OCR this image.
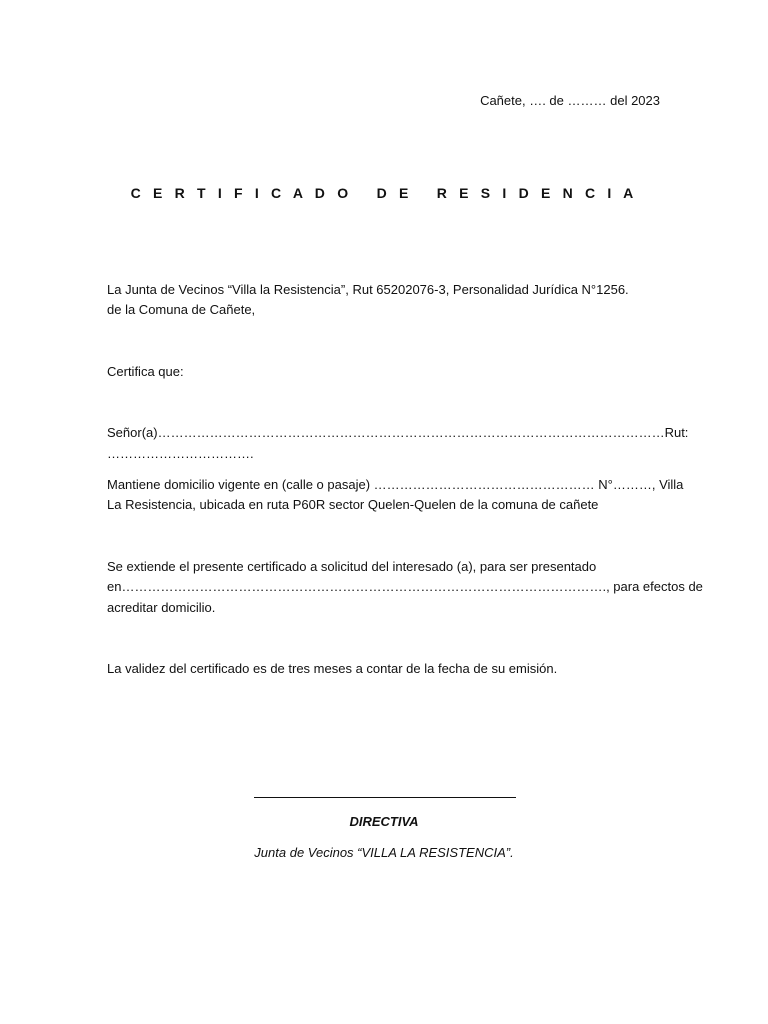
Cañete, …. de ……… del 2023
C E R T I F I C A D O   D E   R E S I D E N C I A
La Junta de Vecinos “Villa la Resistencia”, Rut 65202076-3, Personalidad Jurídica N°1256.
de la Comuna de Cañete,
Certifica que:
Señor(a)………………………………………………………………………………………………………Rut:
…………………………….
Mantiene domicilio vigente en (calle o pasaje) …………………………………………… N°………, Villa
La Resistencia, ubicada en ruta P60R sector Quelen-Quelen de la comuna de cañete
Se extiende el presente certificado a solicitud del interesado (a), para ser presentado
en…………………………………………………………………………………………………., para efectos de
acreditar domicilio.
La validez del certificado es de tres meses a contar de la fecha de su emisión.
DIRECTIVA
Junta de Vecinos “VILLA LA RESISTENCIA”.
